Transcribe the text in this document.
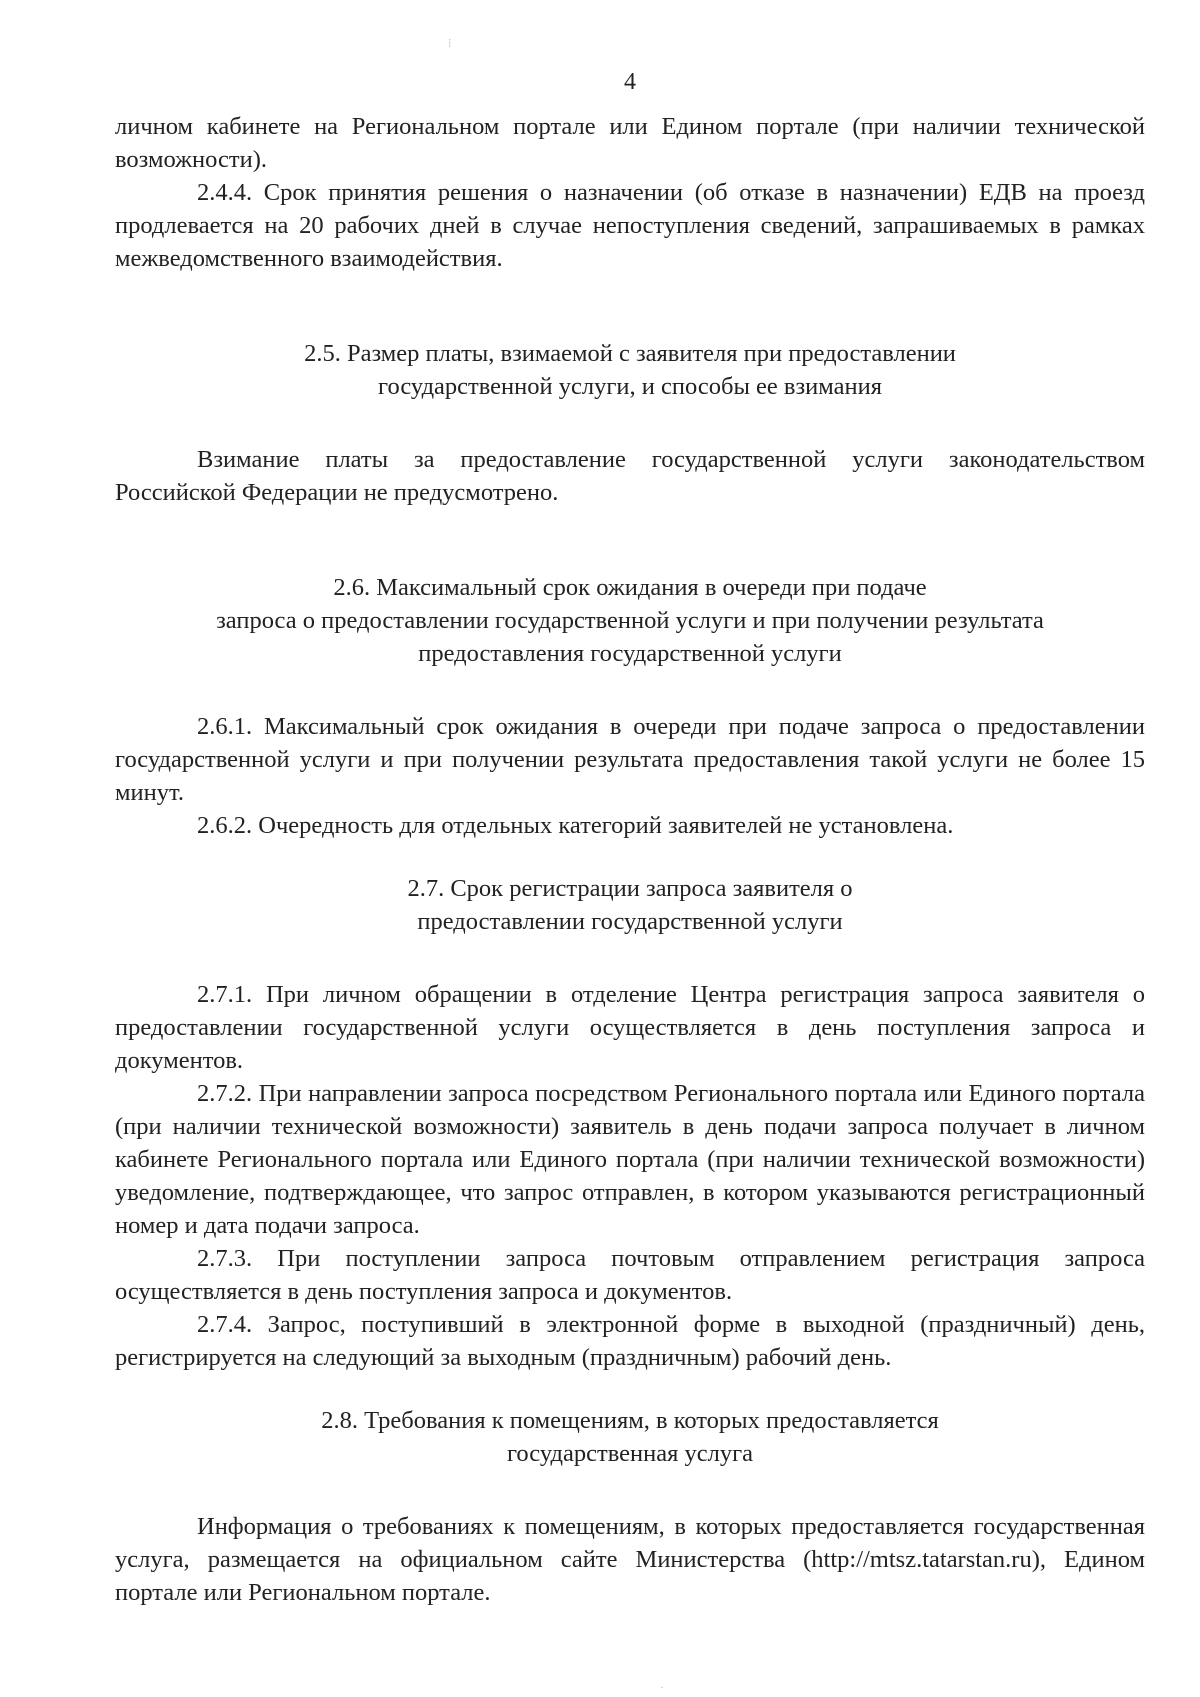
4

личном кабинете на Региональном портале или Едином портале (при наличии технической возможности).

2.4.4. Срок принятия решения о назначении (об отказе в назначении) ЕДВ на проезд продлевается на 20 рабочих дней в случае непоступления сведений, запрашиваемых в рамках межведомственного взаимодействия.

2.5. Размер платы, взимаемой с заявителя при предоставлении
государственной услуги, и способы ее взимания

Взимание платы за предоставление государственной услуги законодательством Российской Федерации не предусмотрено.

2.6. Максимальный срок ожидания в очереди при подаче
запроса о предоставлении государственной услуги и при получении результата
предоставления государственной услуги

2.6.1. Максимальный срок ожидания в очереди при подаче запроса о предоставлении государственной услуги и при получении результата предоставления такой услуги не более 15 минут.

2.6.2. Очередность для отдельных категорий заявителей не установлена.

2.7. Срок регистрации запроса заявителя о
предоставлении государственной услуги

2.7.1. При личном обращении в отделение Центра регистрация запроса заявителя о предоставлении государственной услуги осуществляется в день поступления запроса и документов.

2.7.2. При направлении запроса посредством Регионального портала или Единого портала (при наличии технической возможности) заявитель в день подачи запроса получает в личном кабинете Регионального портала или Единого портала (при наличии технической возможности) уведомление, подтверждающее, что запрос отправлен, в котором указываются регистрационный номер и дата подачи запроса.

2.7.3. При поступлении запроса почтовым отправлением регистрация запроса осуществляется в день поступления запроса и документов.

2.7.4. Запрос, поступивший в электронной форме в выходной (праздничный) день, регистрируется на следующий за выходным (праздничным) рабочий день.

2.8. Требования к помещениям, в которых предоставляется
государственная услуга

Информация о требованиях к помещениям, в которых предоставляется государственная услуга, размещается на официальном сайте Министерства (http://mtsz.tatarstan.ru), Едином портале или Региональном портале.

⁞
·
